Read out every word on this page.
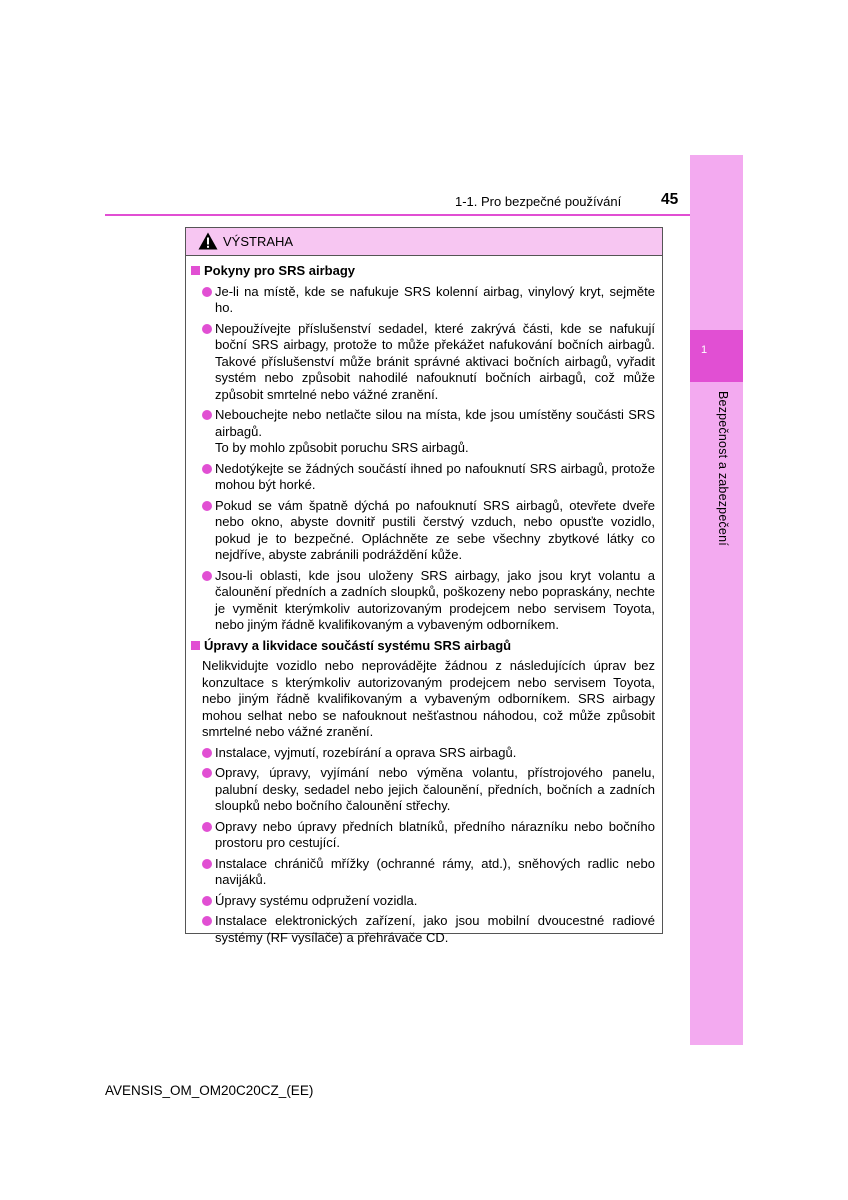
1
Bezpečnost a zabezpečení
1-1. Pro bezpečné používání	45
VÝSTRAHA
Pokyny pro SRS airbagy
Je-li na místě, kde se nafukuje SRS kolenní airbag, vinylový kryt, sejměte ho.
Nepoužívejte příslušenství sedadel, které zakrývá části, kde se nafukují boční SRS airbagy, protože to může překážet nafukování bočních airbagů. Takové příslušenství může bránit správné aktivaci bočních airbagů, vyřadit systém nebo způsobit nahodilé nafouknutí bočních airbagů, což může způsobit smrtelné nebo vážné zranění.
Nebouchejte nebo netlačte silou na místa, kde jsou umístěny součásti SRS airbagů.
To by mohlo způsobit poruchu SRS airbagů.
Nedotýkejte se žádných součástí ihned po nafouknutí SRS airbagů, protože mohou být horké.
Pokud se vám špatně dýchá po nafouknutí SRS airbagů, otevřete dveře nebo okno, abyste dovnitř pustili čerstvý vzduch, nebo opusťte vozidlo, pokud je to bezpečné. Opláchněte ze sebe všechny zbytkové látky co nejdříve, abyste zabránili podráždění kůže.
Jsou-li oblasti, kde jsou uloženy SRS airbagy, jako jsou kryt volantu a čalounění předních a zadních sloupků, poškozeny nebo popraskány, nechte je vyměnit kterýmkoliv autorizovaným prodejcem nebo servisem Toyota, nebo jiným řádně kvalifikovaným a vybaveným odborníkem.
Úpravy a likvidace součástí systému SRS airbagů
Nelikvidujte vozidlo nebo neprovádějte žádnou z následujících úprav bez konzultace s kterýmkoliv autorizovaným prodejcem nebo servisem Toyota, nebo jiným řádně kvalifikovaným a vybaveným odborníkem. SRS airbagy mohou selhat nebo se nafouknout nešťastnou náhodou, což může způsobit smrtelné nebo vážné zranění.
Instalace, vyjmutí, rozebírání a oprava SRS airbagů.
Opravy, úpravy, vyjímání nebo výměna volantu, přístrojového panelu, palubní desky, sedadel nebo jejich čalounění, předních, bočních a zadních sloupků nebo bočního čalounění střechy.
Opravy nebo úpravy předních blatníků, předního nárazníku nebo bočního prostoru pro cestující.
Instalace chráničů mřížky (ochranné rámy, atd.), sněhových radlic nebo navijáků.
Úpravy systému odpružení vozidla.
Instalace elektronických zařízení, jako jsou mobilní dvoucestné radiové systémy (RF vysílače) a přehrávače CD.
AVENSIS_OM_OM20C20CZ_(EE)
